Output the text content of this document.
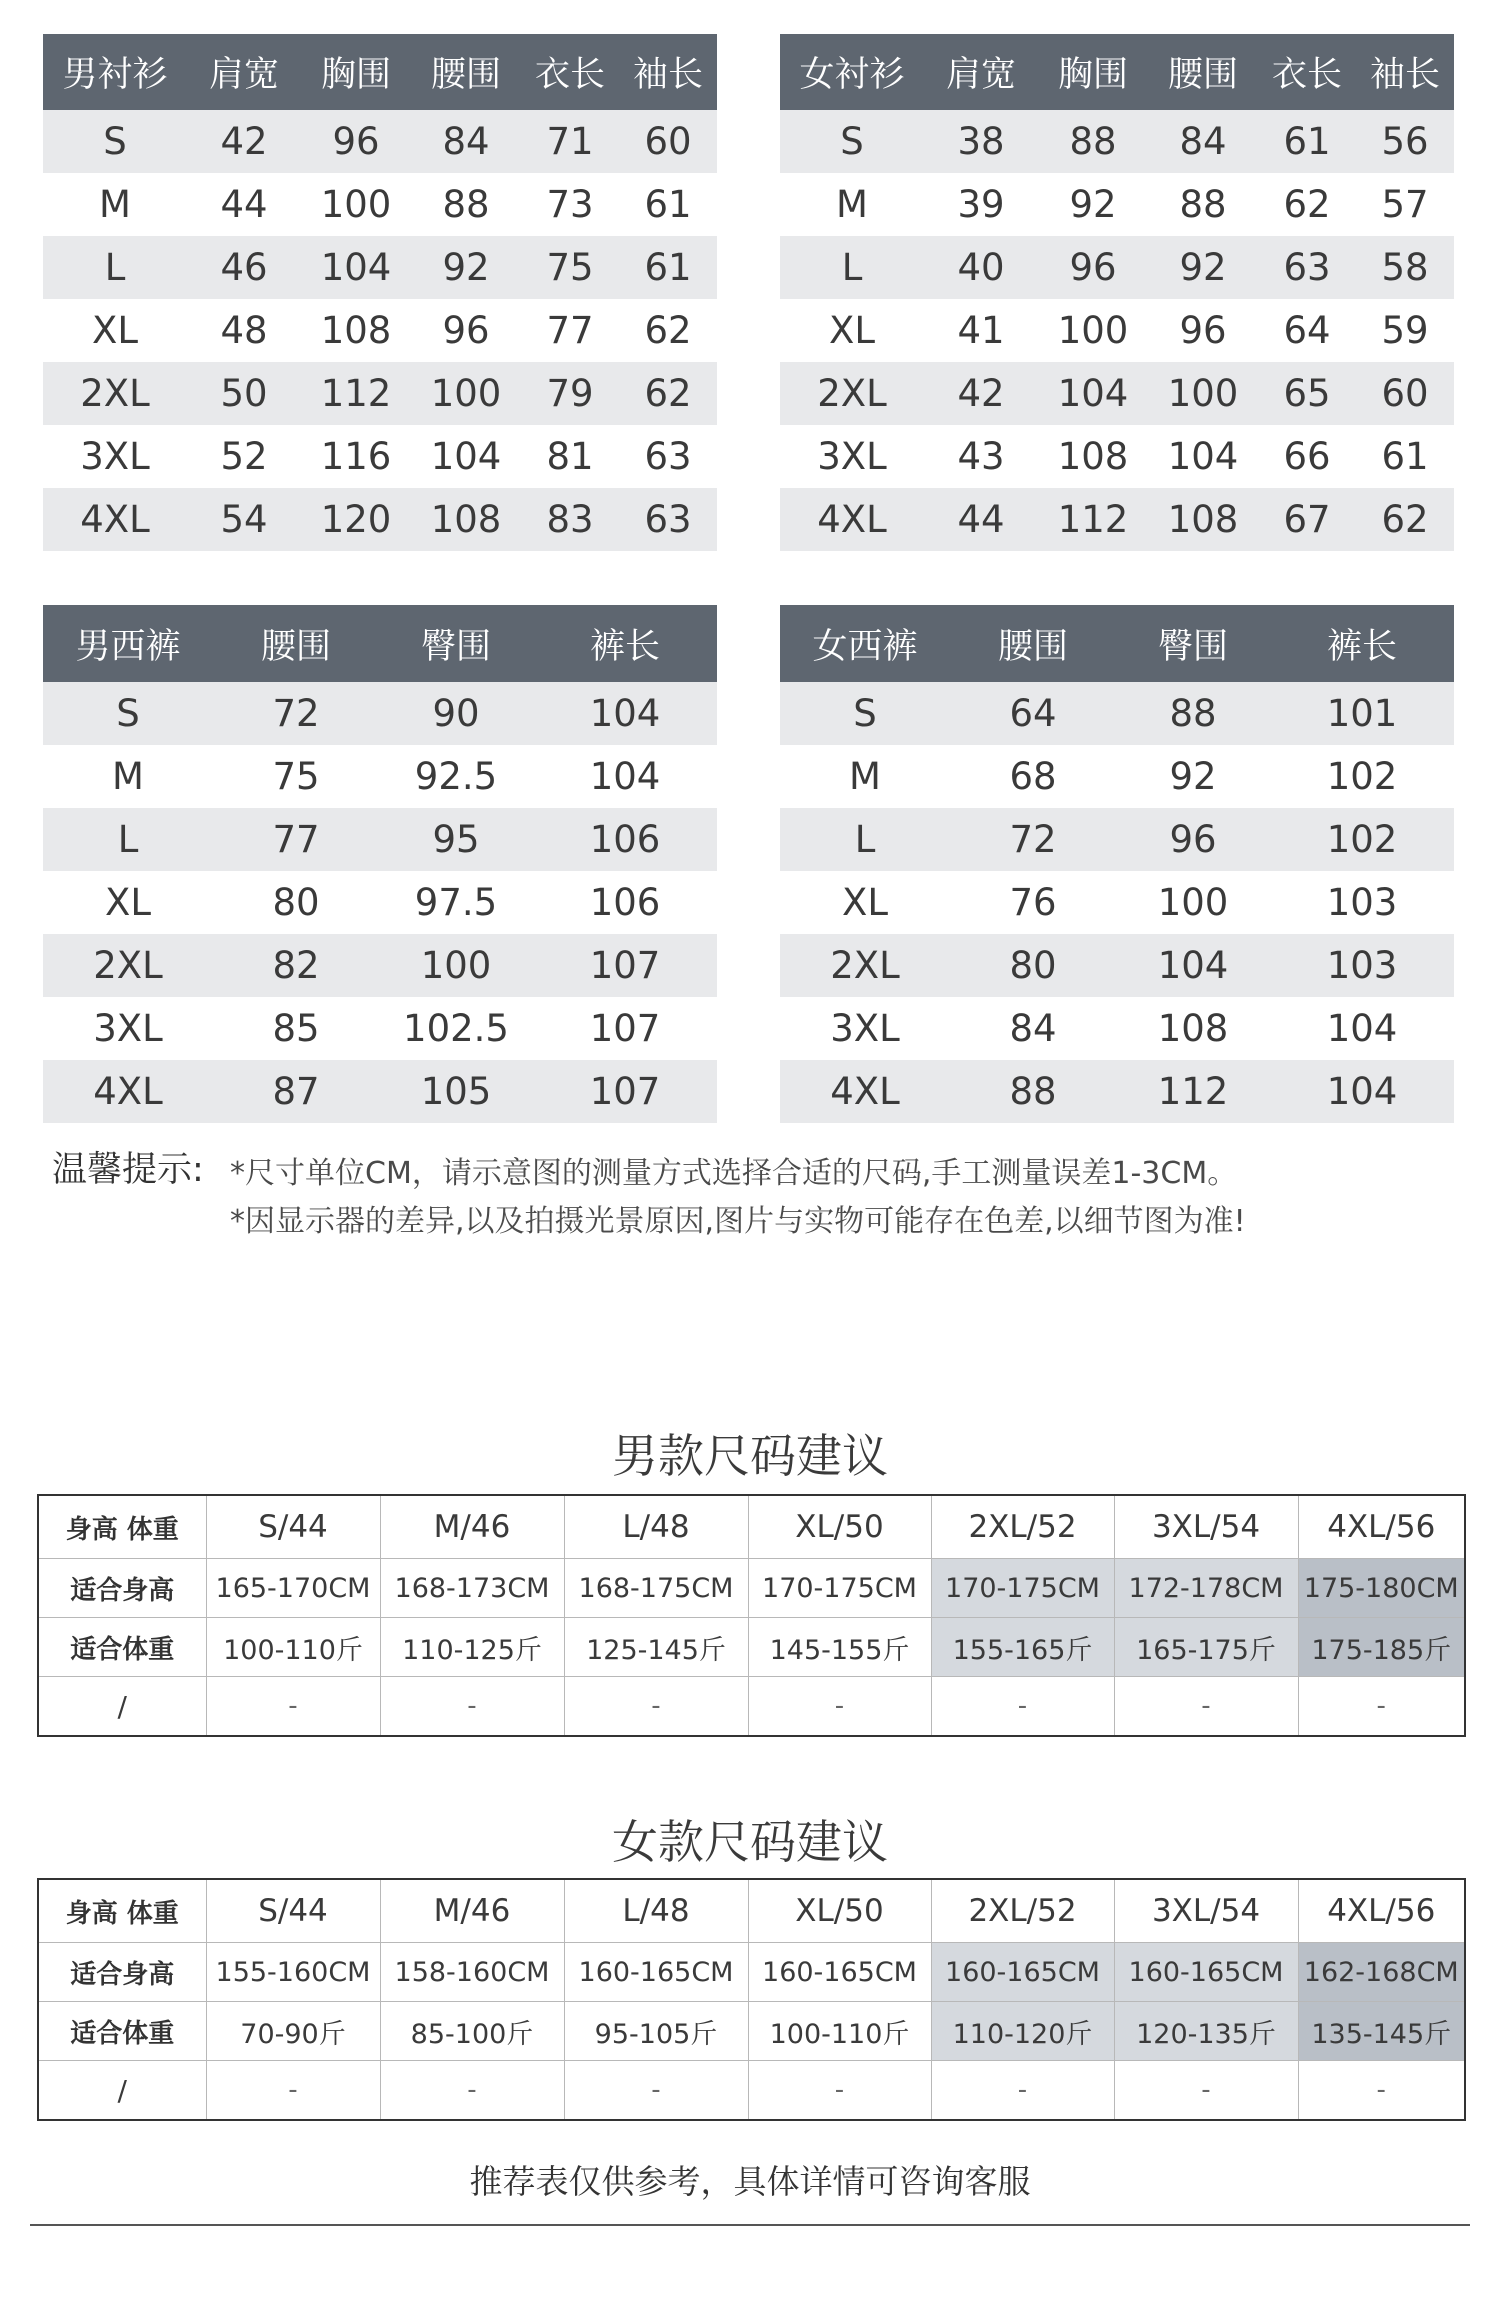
男衬衫	肩宽	胸围	腰围	衣长	袖长
S	42	96	84	71	60
M	44	100	88	73	61
L	46	104	92	75	61
XL	48	108	96	77	62
2XL	50	112	100	79	62
3XL	52	116	104	81	63
4XL	54	120	108	83	63
女衬衫	肩宽	胸围	腰围	衣长	袖长
S	38	88	84	61	56
M	39	92	88	62	57
L	40	96	92	63	58
XL	41	100	96	64	59
2XL	42	104	100	65	60
3XL	43	108	104	66	61
4XL	44	112	108	67	62
男西裤	腰围	臀围	裤长
S	72	90	104
M	75	92.5	104
L	77	95	106
XL	80	97.5	106
2XL	82	100	107
3XL	85	102.5	107
4XL	87	105	107
女西裤	腰围	臀围	裤长
S	64	88	101
M	68	92	102
L	72	96	102
XL	76	100	103
2XL	80	104	103
3XL	84	108	104
4XL	88	112	104
温馨提示: *尺寸单位CM，请示意图的测量方式选择合适的尺码,手工测量误差1-3CM。
*因显示器的差异,以及拍摄光景原因,图片与实物可能存在色差,以细节图为准!
男款尺码建议
身高 体重	S/44	M/46	L/48	XL/50	2XL/52	3XL/54	4XL/56
适合身高	165-170CM	168-173CM	168-175CM	170-175CM	170-175CM	172-178CM	175-180CM
适合体重	100-110斤	110-125斤	125-145斤	145-155斤	155-165斤	165-175斤	175-185斤
/	-	-	-	-	-	-	-
女款尺码建议
身高 体重	S/44	M/46	L/48	XL/50	2XL/52	3XL/54	4XL/56
适合身高	155-160CM	158-160CM	160-165CM	160-165CM	160-165CM	160-165CM	162-168CM
适合体重	70-90斤	85-100斤	95-105斤	100-110斤	110-120斤	120-135斤	135-145斤
/	-	-	-	-	-	-	-
推荐表仅供参考，具体详情可咨询客服
